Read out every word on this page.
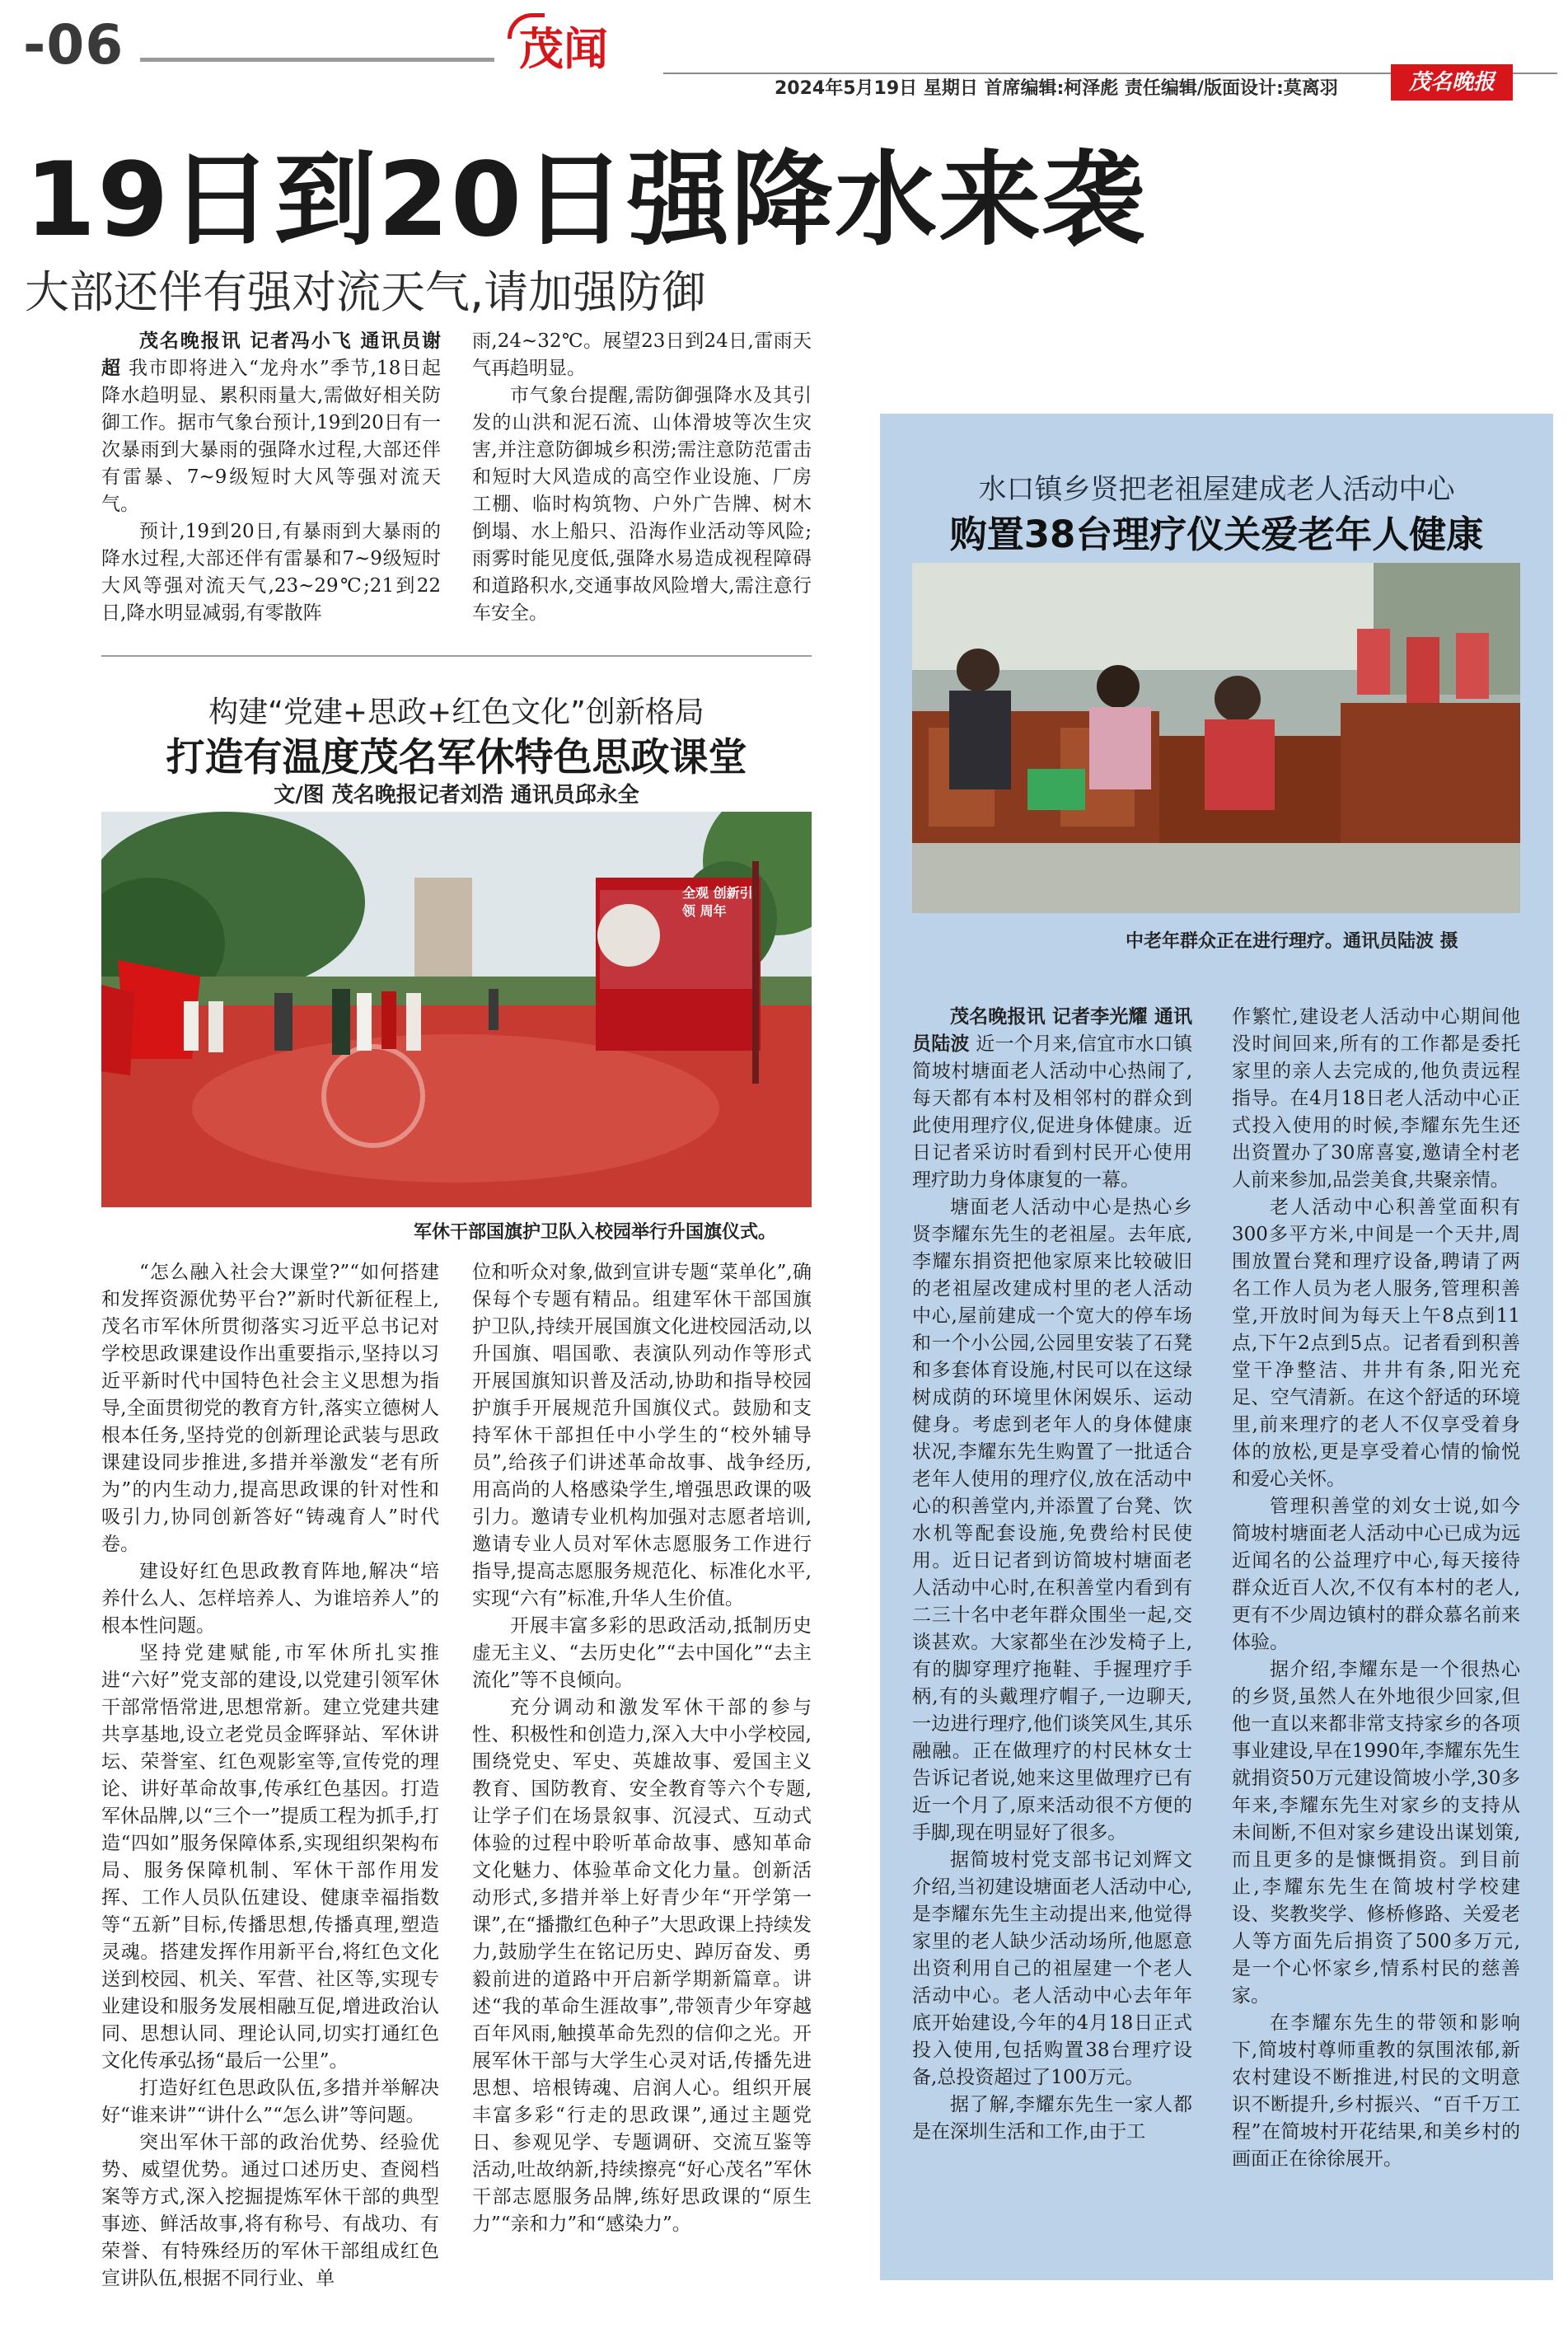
-06	茂闻
2024年5月19日 星期日 首席编辑:柯泽彪 责任编辑/版面设计:莫离羽	茂名晚报
19日到20日强降水来袭
大部还伴有强对流天气,请加强防御

茂名晚报讯 记者冯小飞 通讯员谢超 我市即将进入“龙舟水”季节,18日起降水趋明显、累积雨量大,需做好相关防御工作。据市气象台预计,19到20日有一次暴雨到大暴雨的强降水过程,大部还伴有雷暴、7~9级短时大风等强对流天气。

预计,19到20日,有暴雨到大暴雨的降水过程,大部还伴有雷暴和7~9级短时大风等强对流天气,23~29℃;21到22日,降水明显减弱,有零散阵

雨,24~32℃。展望23日到24日,雷雨天气再趋明显。

市气象台提醒,需防御强降水及其引发的山洪和泥石流、山体滑坡等次生灾害,并注意防御城乡积涝;需注意防范雷击和短时大风造成的高空作业设施、厂房工棚、临时构筑物、户外广告牌、树木倒塌、水上船只、沿海作业活动等风险;雨雾时能见度低,强降水易造成视程障碍和道路积水,交通事故风险增大,需注意行车安全。

构建“党建+思政+红色文化”创新格局
打造有温度茂名军休特色思政课堂
文/图 茂名晚报记者刘浩 通讯员邱永全
全观 创新引领 周年
军休干部国旗护卫队入校园举行升国旗仪式。

“怎么融入社会大课堂?”“如何搭建和发挥资源优势平台?”新时代新征程上,茂名市军休所贯彻落实习近平总书记对学校思政课建设作出重要指示,坚持以习近平新时代中国特色社会主义思想为指导,全面贯彻党的教育方针,落实立德树人根本任务,坚持党的创新理论武装与思政课建设同步推进,多措并举激发“老有所为”的内生动力,提高思政课的针对性和吸引力,协同创新答好“铸魂育人”时代卷。

建设好红色思政教育阵地,解决“培养什么人、怎样培养人、为谁培养人”的根本性问题。

坚持党建赋能,市军休所扎实推进“六好”党支部的建设,以党建引领军休干部常悟常进,思想常新。建立党建共建共享基地,设立老党员金晖驿站、军休讲坛、荣誉室、红色观影室等,宣传党的理论、讲好革命故事,传承红色基因。打造军休品牌,以“三个一”提质工程为抓手,打造“四如”服务保障体系,实现组织架构布局、服务保障机制、军休干部作用发挥、工作人员队伍建设、健康幸福指数等“五新”目标,传播思想,传播真理,塑造灵魂。搭建发挥作用新平台,将红色文化送到校园、机关、军营、社区等,实现专业建设和服务发展相融互促,增进政治认同、思想认同、理论认同,切实打通红色文化传承弘扬“最后一公里”。

打造好红色思政队伍,多措并举解决好“谁来讲”“讲什么”“怎么讲”等问题。

突出军休干部的政治优势、经验优势、威望优势。通过口述历史、查阅档案等方式,深入挖掘提炼军休干部的典型事迹、鲜活故事,将有称号、有战功、有荣誉、有特殊经历的军休干部组成红色宣讲队伍,根据不同行业、单

位和听众对象,做到宣讲专题“菜单化”,确保每个专题有精品。组建军休干部国旗护卫队,持续开展国旗文化进校园活动,以升国旗、唱国歌、表演队列动作等形式开展国旗知识普及活动,协助和指导校园护旗手开展规范升国旗仪式。鼓励和支持军休干部担任中小学生的“校外辅导员”,给孩子们讲述革命故事、战争经历,用高尚的人格感染学生,增强思政课的吸引力。邀请专业机构加强对志愿者培训,邀请专业人员对军休志愿服务工作进行指导,提高志愿服务规范化、标准化水平,实现“六有”标准,升华人生价值。

开展丰富多彩的思政活动,抵制历史虚无主义、“去历史化”“去中国化”“去主流化”等不良倾向。

充分调动和激发军休干部的参与性、积极性和创造力,深入大中小学校园,围绕党史、军史、英雄故事、爱国主义教育、国防教育、安全教育等六个专题,让学子们在场景叙事、沉浸式、互动式体验的过程中聆听革命故事、感知革命文化魅力、体验革命文化力量。创新活动形式,多措并举上好青少年“开学第一课”,在“播撒红色种子”大思政课上持续发力,鼓励学生在铭记历史、踔厉奋发、勇毅前进的道路中开启新学期新篇章。讲述“我的革命生涯故事”,带领青少年穿越百年风雨,触摸革命先烈的信仰之光。开展军休干部与大学生心灵对话,传播先进思想、培根铸魂、启润人心。组织开展丰富多彩“行走的思政课”,通过主题党日、参观见学、专题调研、交流互鉴等活动,吐故纳新,持续擦亮“好心茂名”军休干部志愿服务品牌,练好思政课的“原生力”“亲和力”和“感染力”。

水口镇乡贤把老祖屋建成老人活动中心
购置38台理疗仪关爱老年人健康
中老年群众正在进行理疗。通讯员陆波 摄

茂名晚报讯 记者李光耀 通讯员陆波 近一个月来,信宜市水口镇简坡村塘面老人活动中心热闹了,每天都有本村及相邻村的群众到此使用理疗仪,促进身体健康。近日记者采访时看到村民开心使用理疗助力身体康复的一幕。

塘面老人活动中心是热心乡贤李耀东先生的老祖屋。去年底,李耀东捐资把他家原来比较破旧的老祖屋改建成村里的老人活动中心,屋前建成一个宽大的停车场和一个小公园,公园里安装了石凳和多套体育设施,村民可以在这绿树成荫的环境里休闲娱乐、运动健身。考虑到老年人的身体健康状况,李耀东先生购置了一批适合老年人使用的理疗仪,放在活动中心的积善堂内,并添置了台凳、饮水机等配套设施,免费给村民使用。近日记者到访简坡村塘面老人活动中心时,在积善堂内看到有二三十名中老年群众围坐一起,交谈甚欢。大家都坐在沙发椅子上,有的脚穿理疗拖鞋、手握理疗手柄,有的头戴理疗帽子,一边聊天,一边进行理疗,他们谈笑风生,其乐融融。正在做理疗的村民林女士告诉记者说,她来这里做理疗已有近一个月了,原来活动很不方便的手脚,现在明显好了很多。

据简坡村党支部书记刘辉文介绍,当初建设塘面老人活动中心,是李耀东先生主动提出来,他觉得家里的老人缺少活动场所,他愿意出资利用自己的祖屋建一个老人活动中心。老人活动中心去年年底开始建设,今年的4月18日正式投入使用,包括购置38台理疗设备,总投资超过了100万元。

据了解,李耀东先生一家人都是在深圳生活和工作,由于工

作繁忙,建设老人活动中心期间他没时间回来,所有的工作都是委托家里的亲人去完成的,他负责远程指导。在4月18日老人活动中心正式投入使用的时候,李耀东先生还出资置办了30席喜宴,邀请全村老人前来参加,品尝美食,共聚亲情。

老人活动中心积善堂面积有300多平方米,中间是一个天井,周围放置台凳和理疗设备,聘请了两名工作人员为老人服务,管理积善堂,开放时间为每天上午8点到11点,下午2点到5点。记者看到积善堂干净整洁、井井有条,阳光充足、空气清新。在这个舒适的环境里,前来理疗的老人不仅享受着身体的放松,更是享受着心情的愉悦和爱心关怀。

管理积善堂的刘女士说,如今简坡村塘面老人活动中心已成为远近闻名的公益理疗中心,每天接待群众近百人次,不仅有本村的老人,更有不少周边镇村的群众慕名前来体验。

据介绍,李耀东是一个很热心的乡贤,虽然人在外地很少回家,但他一直以来都非常支持家乡的各项事业建设,早在1990年,李耀东先生就捐资50万元建设简坡小学,30多年来,李耀东先生对家乡的支持从未间断,不但对家乡建设出谋划策,而且更多的是慷慨捐资。到目前止,李耀东先生在简坡村学校建设、奖教奖学、修桥修路、关爱老人等方面先后捐资了500多万元,是一个心怀家乡,情系村民的慈善家。

在李耀东先生的带领和影响下,简坡村尊师重教的氛围浓郁,新农村建设不断推进,村民的文明意识不断提升,乡村振兴、“百千万工程”在简坡村开花结果,和美乡村的画面正在徐徐展开。
